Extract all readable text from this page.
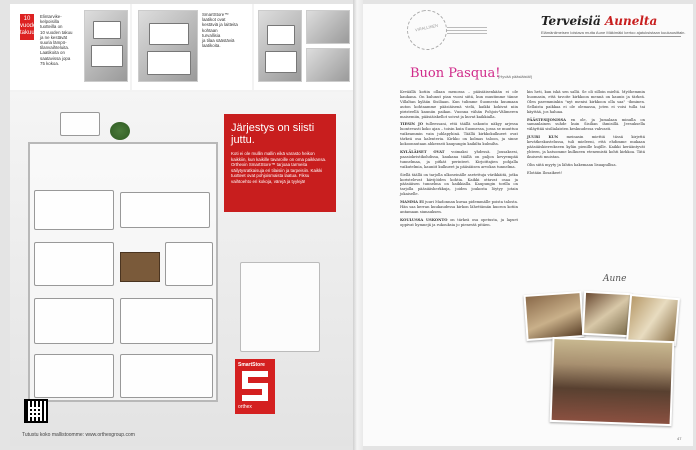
10 vuoden takuu
Elintarvike-
kelpoisilla
tuotteilla on
10 vuoden takuu
ja ne kestävät
suuria lämpö-
tilanvaihteluita.
Laatikoita on
saatavissa jopa
75 kokoa.
SmartStore™
laatikot ovat
kestäviä ja laitteita
kohtaan
turvallisia
ja tilaa säästäviä
laatikoita.
Järjestys on siisti juttu.
Koti ei ole mullin mallin eikä varasto heikon kaikkiin, kun kaikille tavaroille on oma paikkansa. Orthexin SmartStore™ tarjoaa tarmeita säilytysratkaisuja eri tilaisiin ja tarpeisiin. Kaikki tuotteet ovat pohjoismaista laatua. Fiksu vaihtoehto eri kokoja, värejä ja tyylejä!
SmartStore
orthex
Tutustu koko mallistoomme: www.orthexgroup.com
VIRALLINEN	Terveisiä Aunelta
Elämänilmeisen loistava mutta Aune Mäkimäki kertoo ajatuksistaan kuukausittain.
Buon Pasqua!
(Hyvää pääsiäistä!)

Keväällä kotiin ollaan menossa – pääsiäisenkään ei ole kaukana. On kulunut pian vuosi siitä, kun muutimme tänne Villaltan kylään Sisiliaan. Kun tulimme Suomesta kuumaan auton kohtaamme pääsiäisenä vielä, kaikki kokivat niin piristeellä kauniin paikan. Vuonna vähän Pohjois-Välimeren maisemiin, pääsiäiskellot soivat ja kuvat kaikkialla.

TIESIN JO tulleessani, että täällä uskonto näkyy arjessa luontevasti koko ajan – toisin kuin Suomessa, jossa se muuttuu vaikeammin vain juhlapyhinä. Täällä kirkkokulkueet ovat tärkeä osa kalenteria. Kirkko on kolmas taloon, ja sinne kokoonnutaan ahkerasti kaupungin kaikilta kulmilta.

KYLÄLÄISET OVAT voimaksi yhdessä. Jousaksesi, paasiokristikohdissa, kaukana täällä on paljon kevyempää tunnelmaa, ja pitkät perinteet. Kirjoittajien pohjalla vaikutelmia, kauniit kulkueet ja pääsiäisen arvokas tunnelma.

Siellä täällä on tarjolla ulkoseinälle asetettuja värikkäitä, jotka koristelevat kävijöiden kohtia. Kaikki ottavat osaa ja pääsiäisen tunnelma on kaikkialla. Kaupungin torilla on tarjolla pääsiäisherkkuja, joiden joukosta löytyy jotain jokaiselle.

MAMMA EI juuri Madonnan kuvaa pidemmälle poista talosta. Hän saa kerran kuukaudessa kirkon lähettämän kuoron kotiin antamaan siunauksen.

KOULUSSA USKONTO on tärkeä osa opetusta, ja lapset oppivat hymnejä ja rukouksia jo pienestä pitäen.

kin heti, kun iskä sen sallii. Se oli silloin mieltä. Myöhemmin huomasin, että tavoite kirkkoon mennä on kaunis ja tärkeä. Olen paremminkin "nyt menisi kirkkoon olla saa" -ihminen. Sellaista paikkaa ei ole olemassa, joten ei voisi tulla tai käyttää, jos haluaa.

PÄÄSTESIJONISSA en ole, ja Jumalaan minulla on samanlainen suhde kuin Sisilian ihmisillä. Jeesuksella väläyttää sisilialaisten keskuudessa vahvasti.

JUURI KUN meinasin miettiä tässä kirjettä kevätkeskustelussa, tuli mieleeni, että ehdimme mukaan pääsiäiskierrokseen kylän pienille kujille. Kaikki kerääntyvät yhteen, ja katsomme kulkueen etenemistä kohti kirkkoa. Tätä ikuisesti muistan.

Olin siitä myyty ja lähtin hakemaan lisuapullisa.

Elotään Ilosaikeet!

Aune
47
